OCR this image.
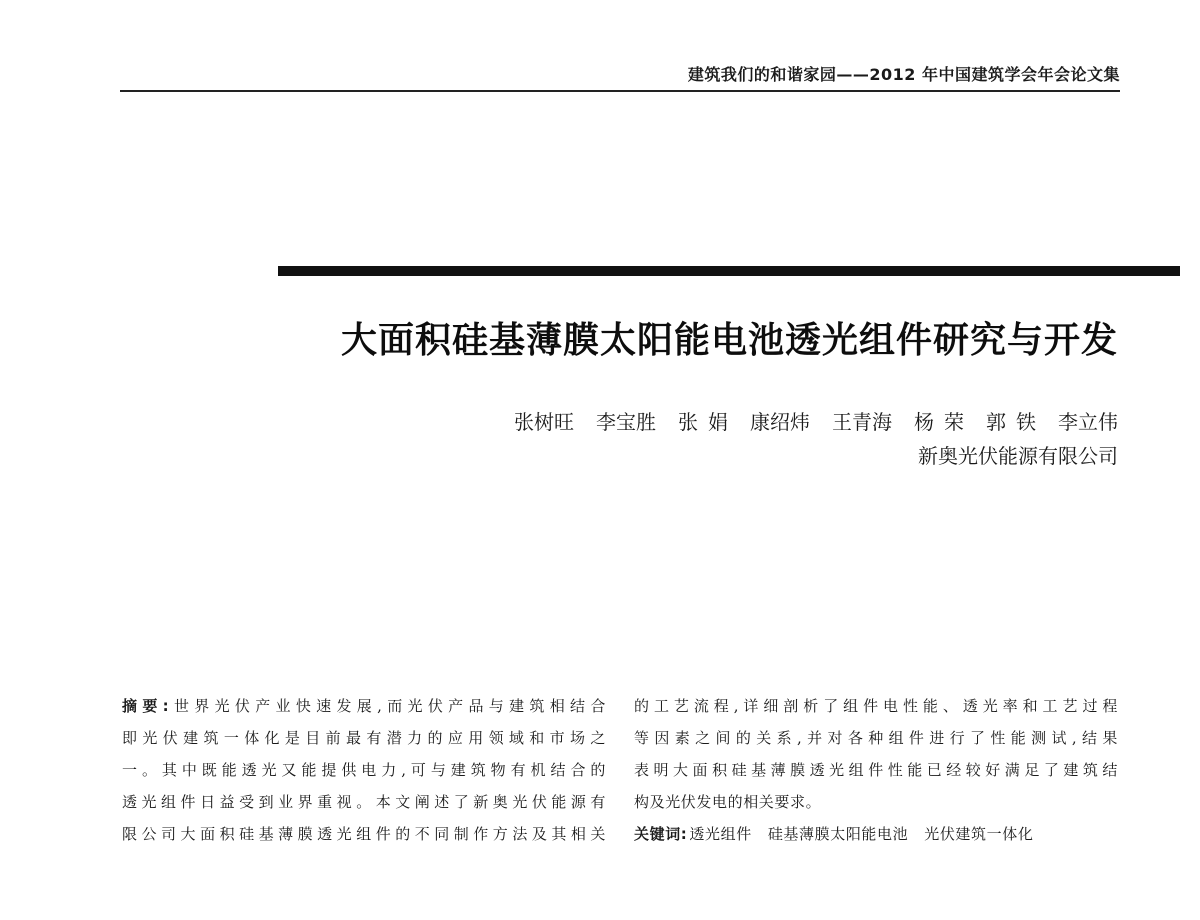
建筑我们的和谐家园——2012 年中国建筑学会年会论文集
大面积硅基薄膜太阳能电池透光组件研究与开发
张树旺 李宝胜 张娟 康绍炜 王青海 杨荣 郭铁 李立伟
新奥光伏能源有限公司
摘要:世界光伏产业快速发展,而光伏产品与建筑相结合
即光伏建筑一体化是目前最有潜力的应用领域和市场之
一。其中既能透光又能提供电力,可与建筑物有机结合的
透光组件日益受到业界重视。本文阐述了新奥光伏能源有
限公司大面积硅基薄膜透光组件的不同制作方法及其相关
的工艺流程,详细剖析了组件电性能、透光率和工艺过程
等因素之间的关系,并对各种组件进行了性能测试,结果
表明大面积硅基薄膜透光组件性能已经较好满足了建筑结
构及光伏发电的相关要求。
关键词: 透光组件 硅基薄膜太阳能电池 光伏建筑一体化
